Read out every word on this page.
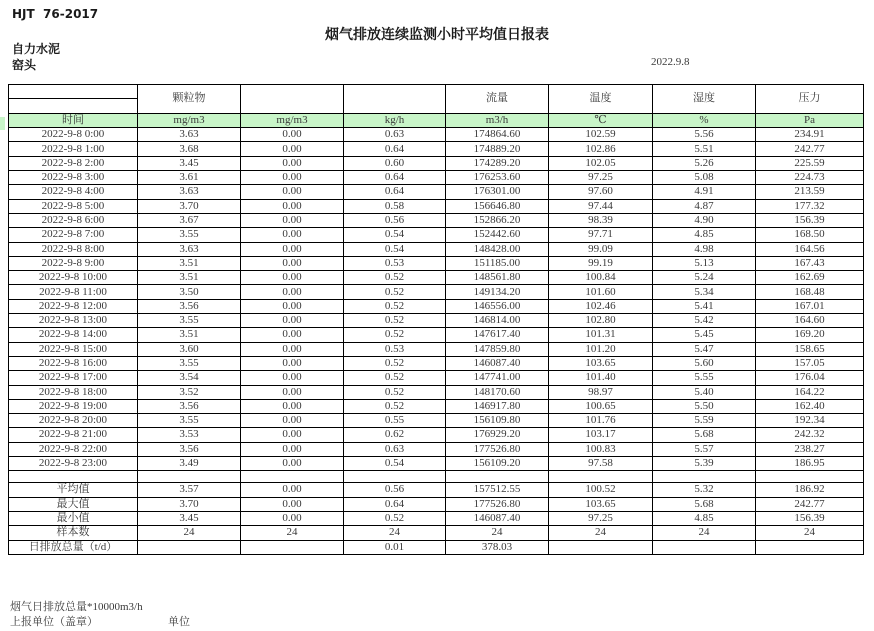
HJT  76-2017
烟气排放连续监测小时平均值日报表
自力水泥
窑头	2022.9.8
	颗粒物			流量	温度	湿度	压力
时间	mg/m3	mg/m3	kg/h	m3/h	℃	%	Pa
2022-9-8 0:00	3.63	0.00	0.63	174864.60	102.59	5.56	234.91
2022-9-8 1:00	3.68	0.00	0.64	174889.20	102.86	5.51	242.77
2022-9-8 2:00	3.45	0.00	0.60	174289.20	102.05	5.26	225.59
2022-9-8 3:00	3.61	0.00	0.64	176253.60	97.25	5.08	224.73
2022-9-8 4:00	3.63	0.00	0.64	176301.00	97.60	4.91	213.59
2022-9-8 5:00	3.70	0.00	0.58	156646.80	97.44	4.87	177.32
2022-9-8 6:00	3.67	0.00	0.56	152866.20	98.39	4.90	156.39
2022-9-8 7:00	3.55	0.00	0.54	152442.60	97.71	4.85	168.50
2022-9-8 8:00	3.63	0.00	0.54	148428.00	99.09	4.98	164.56
2022-9-8 9:00	3.51	0.00	0.53	151185.00	99.19	5.13	167.43
2022-9-8 10:00	3.51	0.00	0.52	148561.80	100.84	5.24	162.69
2022-9-8 11:00	3.50	0.00	0.52	149134.20	101.60	5.34	168.48
2022-9-8 12:00	3.56	0.00	0.52	146556.00	102.46	5.41	167.01
2022-9-8 13:00	3.55	0.00	0.52	146814.00	102.80	5.42	164.60
2022-9-8 14:00	3.51	0.00	0.52	147617.40	101.31	5.45	169.20
2022-9-8 15:00	3.60	0.00	0.53	147859.80	101.20	5.47	158.65
2022-9-8 16:00	3.55	0.00	0.52	146087.40	103.65	5.60	157.05
2022-9-8 17:00	3.54	0.00	0.52	147741.00	101.40	5.55	176.04
2022-9-8 18:00	3.52	0.00	0.52	148170.60	98.97	5.40	164.22
2022-9-8 19:00	3.56	0.00	0.52	146917.80	100.65	5.50	162.40
2022-9-8 20:00	3.55	0.00	0.55	156109.80	101.76	5.59	192.34
2022-9-8 21:00	3.53	0.00	0.62	176929.20	103.17	5.68	242.32
2022-9-8 22:00	3.56	0.00	0.63	177526.80	100.83	5.57	238.27
2022-9-8 23:00	3.49	0.00	0.54	156109.20	97.58	5.39	186.95

平均值	3.57	0.00	0.56	157512.55	100.52	5.32	186.92
最大值	3.70	0.00	0.64	177526.80	103.65	5.68	242.77
最小值	3.45	0.00	0.52	146087.40	97.25	4.85	156.39
样本数	24	24	24	24	24	24	24
日排放总量（t/d）			0.01	378.03			
烟气日排放总量*10000m3/h
上报单位（盖章）	单位
